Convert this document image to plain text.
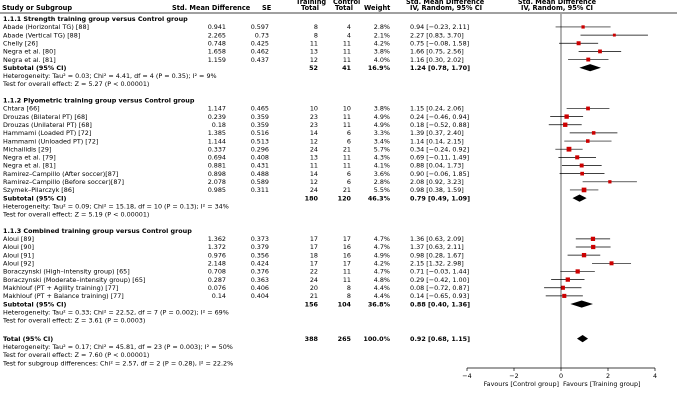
Study or Subgroup	Std. Mean Difference SE
Training Control
Total Total Weight
Std. Mean Difference
IV, Random, 95% CI
Std. Mean Difference
IV, Random, 95% CI
1.1.1 Strength training group versus Control group
Abade (Horizontal TG) [88]	0.941	0.597	8	4	2.8%	0.94 [−0.23, 2.11]
Abade (Vertical TG) [88]	2.265	0.73	8	4	2.1%	2.27 [0.83, 3.70]
Chelly [26]	0.748	0.425	11	11	4.2%	0.75 [−0.08, 1.58]
Negra et al. [80]	1.658	0.462	13	11	3.8%	1.66 [0.75, 2.56]
Negra et al. [81]	1.159	0.437	12	11	4.0%	1.16 [0.30, 2.02]
Subtotal (95% CI)	52	41	16.9%	1.24 [0.78, 1.70]
Heterogeneity: Tau² = 0.03; Chi² = 4.41, df = 4 (P = 0.35); I² = 9%
Test for overall effect: Z = 5.27 (P < 0.00001)
1.1.2 Plyometric training group versus Control group
Chtara [66]	1.147	0.465	10	10	3.8%	1.15 [0.24, 2.06]
Drouzas (Bilateral PT) [68]	0.239	0.359	23	11	4.9%	0.24 [−0.46, 0.94]
Drouzas (Unilateral PT) [68]	0.18	0.359	23	11	4.9%	0.18 [−0.52, 0.88]
Hammami (Loaded PT) [72]	1.385	0.516	14	6	3.3%	1.39 [0.37, 2.40]
Hammami (Unloaded PT) [72]	1.144	0.513	12	6	3.4%	1.14 [0.14, 2.15]
Michailidis [29]	0.337	0.296	24	21	5.7%	0.34 [−0.24, 0.92]
Negra et al. [79]	0.694	0.408	13	11	4.3%	0.69 [−0.11, 1.49]
Negra et al. [81]	0.881	0.431	11	11	4.1%	0.88 [0.04, 1.73]
Ramirez–Campillo (After soccer)[87]	0.898	0.488	14	6	3.6%	0.90 [−0.06, 1.85]
Ramirez–Campillo (Before soccer)[87]	2.078	0.589	12	6	2.8%	2.08 [0.92, 3.23]
Szymek–Pilarczyk [86]	0.985	0.311	24	21	5.5%	0.98 [0.38, 1.59]
Subtotal (95% CI)	180	120	46.3%	0.79 [0.49, 1.09]
Heterogeneity: Tau² = 0.09; Chi² = 15.18, df = 10 (P = 0.13); I² = 34%
Test for overall effect: Z = 5.19 (P < 0.00001)
1.1.3 Combined training group versus Control group
Aloui [89]	1.362	0.373	17	17	4.7%	1.36 [0.63, 2.09]
Aloui [90]	1.372	0.379	17	16	4.7%	1.37 [0.63, 2.11]
Aloui [91]	0.976	0.356	18	16	4.9%	0.98 [0.28, 1.67]
Aloui [92]	2.148	0.424	17	17	4.2%	2.15 [1.32, 2.98]
Boraczynski (High–intensity group) [65]	0.708	0.376	22	11	4.7%	0.71 [−0.03, 1.44]
Boraczynski (Moderate–intensity group) [65]	0.287	0.363	24	11	4.8%	0.29 [−0.42, 1.00]
Makhlouf (PT + Agility training) [77]	0.076	0.406	20	8	4.4%	0.08 [−0.72, 0.87]
Makhlouf (PT + Balance training) [77]	0.14	0.404	21	8	4.4%	0.14 [−0.65, 0.93]
Subtotal (95% CI)	156	104	36.8%	0.88 [0.40, 1.36]
Heterogeneity: Tau² = 0.33; Chi² = 22.52, df = 7 (P = 0.002); I² = 69%
Test for overall effect: Z = 3.61 (P = 0.0003)
Total (95% CI)	388	265 100.0%	0.92 [0.68, 1.15]
Heterogeneity: Tau² = 0.17; Chi² = 45.81, df = 23 (P = 0.003); I² = 50%
Test for overall effect: Z = 7.60 (P < 0.00001)
Test for subgroup differences: Chi² = 2.57, df = 2 (P = 0.28), I² = 22.2%
−4	−2	0	2	4
Favours [Control group] Favours [Training group]
